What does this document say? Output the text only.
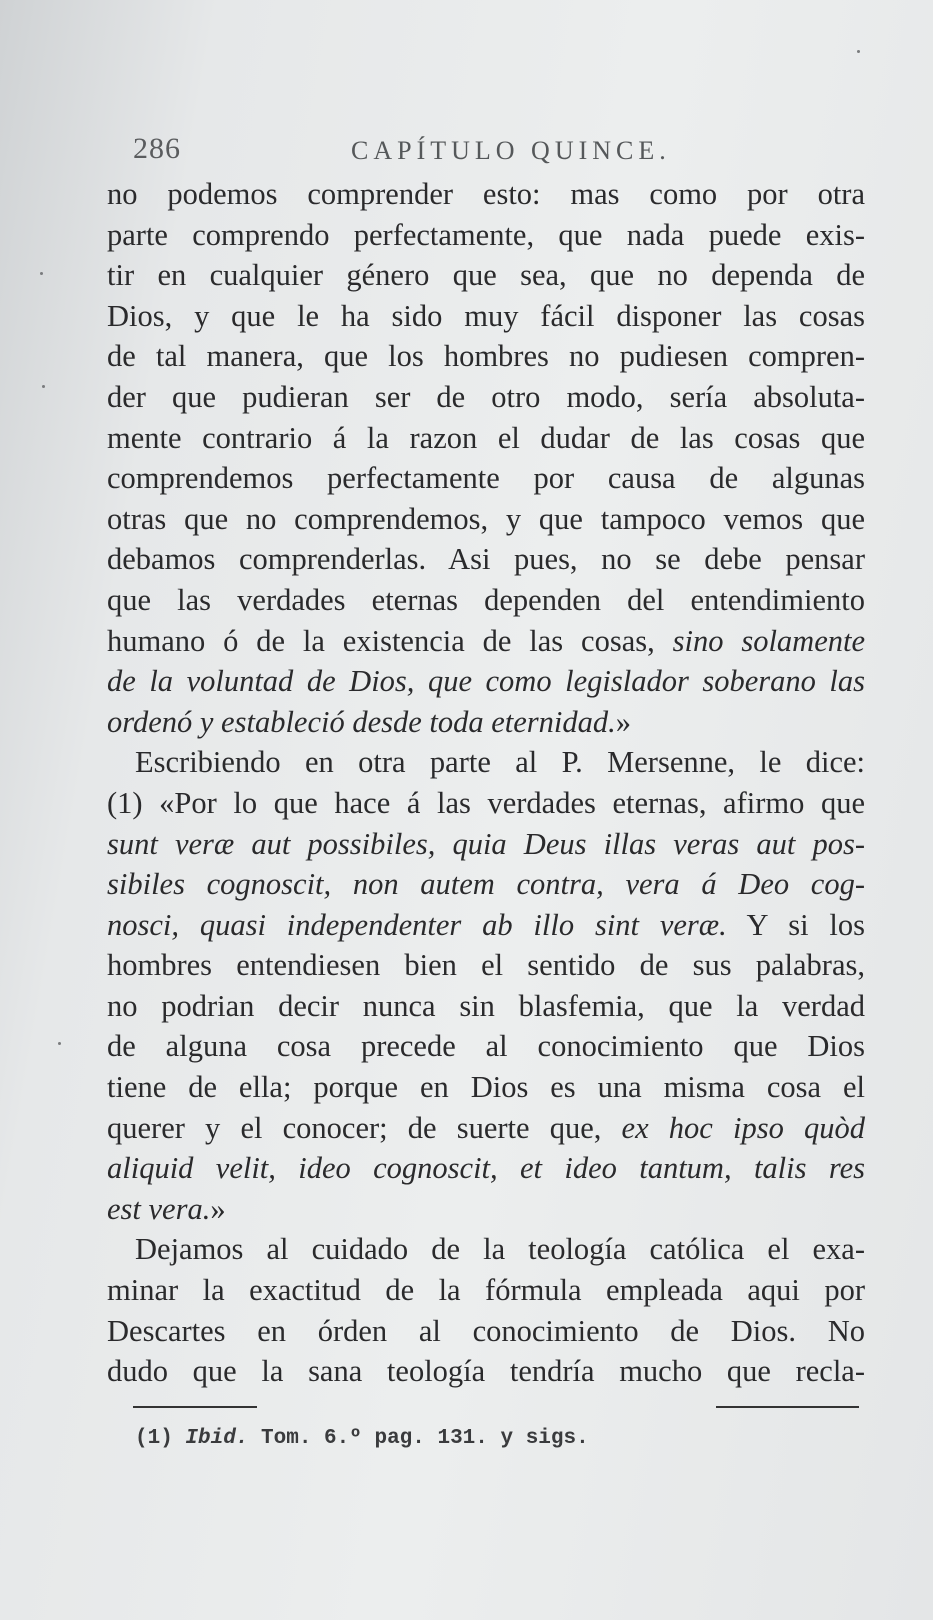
286	CAPÍTULO QUINCE.
no podemos comprender esto: mas como por otra
parte comprendo perfectamente, que nada puede exis-
tir en cualquier género que sea, que no dependa de
Dios, y que le ha sido muy fácil disponer las cosas
de tal manera, que los hombres no pudiesen compren-
der que pudieran ser de otro modo, sería absoluta-
mente contrario á la razon el dudar de las cosas que
comprendemos perfectamente por causa de algunas
otras que no comprendemos, y que tampoco vemos que
debamos comprenderlas. Asi pues, no se debe pensar
que las verdades eternas dependen del entendimiento
humano ó de la existencia de las cosas, sino solamente
de la voluntad de Dios, que como legislador soberano las
ordenó y estableció desde toda eternidad.»
Escribiendo en otra parte al P. Mersenne, le dice:
(1) «Por lo que hace á las verdades eternas, afirmo que
sunt veræ aut possibiles, quia Deus illas veras aut pos-
sibiles cognoscit, non autem contra, vera á Deo cog-
nosci, quasi independenter ab illo sint veræ. Y si los
hombres entendiesen bien el sentido de sus palabras,
no podrian decir nunca sin blasfemia, que la verdad
de alguna cosa precede al conocimiento que Dios
tiene de ella; porque en Dios es una misma cosa el
querer y el conocer; de suerte que, ex hoc ipso quòd
aliquid velit, ideo cognoscit, et ideo tantum, talis res
est vera.»
Dejamos al cuidado de la teología católica el exa-
minar la exactitud de la fórmula empleada aqui por
Descartes en órden al conocimiento de Dios. No
dudo que la sana teología tendría mucho que recla-
(1) Ibid. Tom. 6.º pag. 131. y sigs.
